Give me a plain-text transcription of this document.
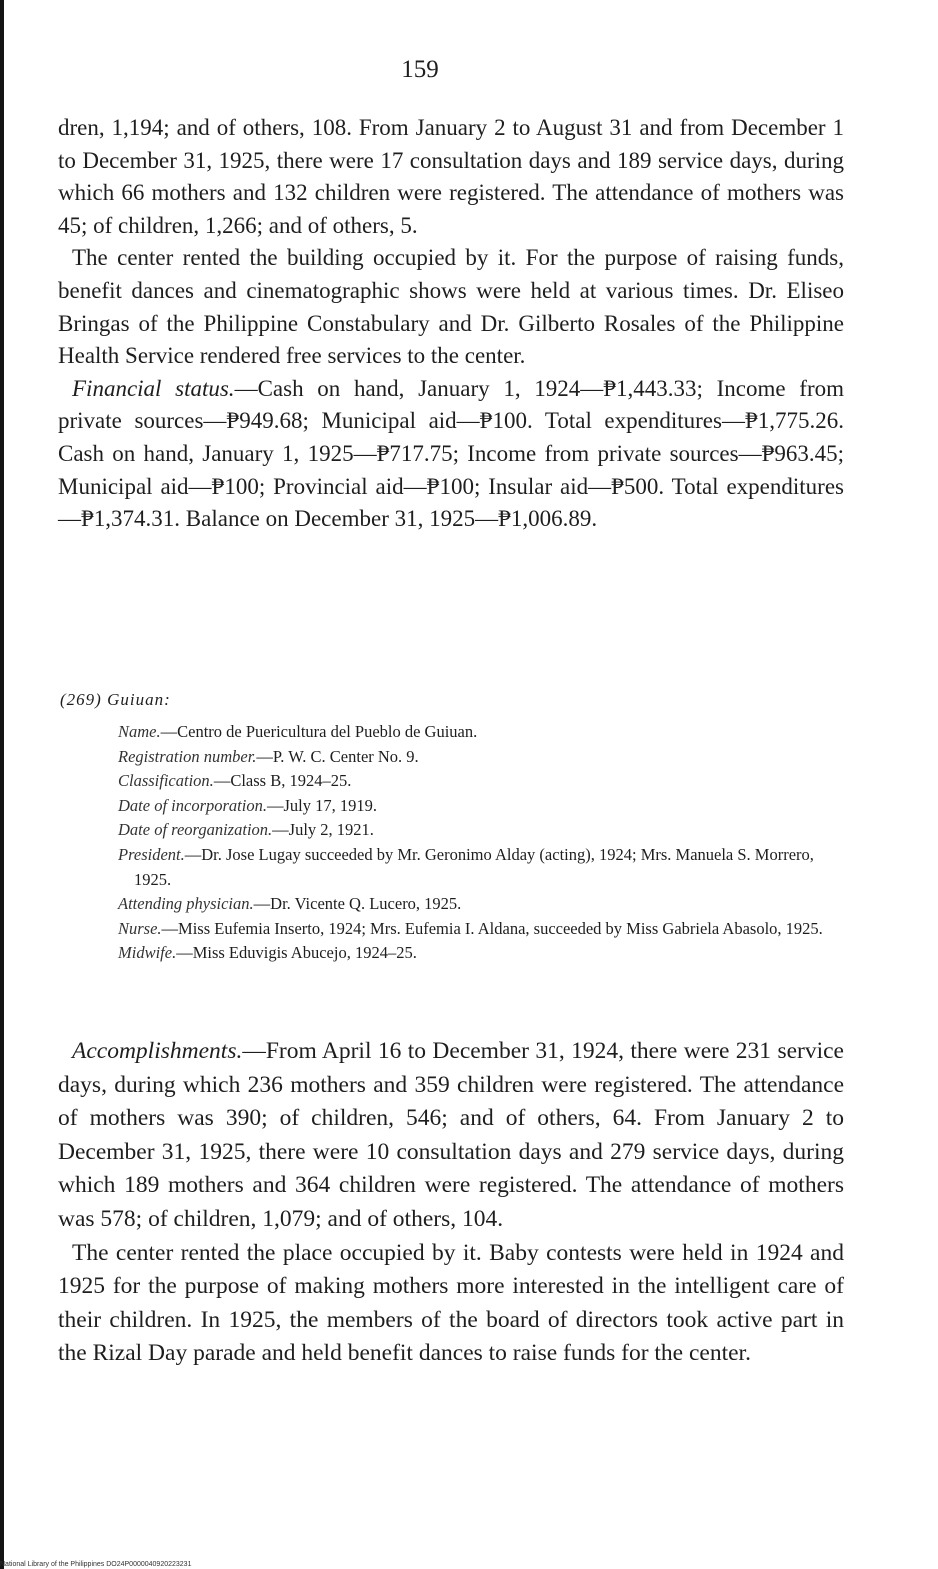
159

dren, 1,194; and of others, 108. From January 2 to August 31 and from December 1 to December 31, 1925, there were 17 consultation days and 189 service days, during which 66 mothers and 132 children were registered. The attendance of mothers was 45; of children, 1,266; and of others, 5.

The center rented the building occupied by it. For the purpose of raising funds, benefit dances and cinematographic shows were held at various times. Dr. Eliseo Bringas of the Philippine Constabulary and Dr. Gilberto Rosales of the Philippine Health Service rendered free services to the center.

Financial status.—Cash on hand, January 1, 1924—₱1,443.33; Income from private sources—₱949.68; Municipal aid—₱100. Total expenditures—₱1,775.26. Cash on hand, January 1, 1925—₱717.75; Income from private sources—₱963.45; Municipal aid—₱100; Provincial aid—₱100; Insular aid—₱500. Total expenditures—₱1,374.31. Balance on December 31, 1925—₱1,006.89.

(269) Guiuan:

Name.—Centro de Puericultura del Pueblo de Guiuan.

Registration number.—P. W. C. Center No. 9.

Classification.—Class B, 1924–25.

Date of incorporation.—July 17, 1919.

Date of reorganization.—July 2, 1921.

President.—Dr. Jose Lugay succeeded by Mr. Geronimo Alday (acting), 1924; Mrs. Manuela S. Morrero, 1925.

Attending physician.—Dr. Vicente Q. Lucero, 1925.

Nurse.—Miss Eufemia Inserto, 1924; Mrs. Eufemia I. Aldana, succeeded by Miss Gabriela Abasolo, 1925.

Midwife.—Miss Eduvigis Abucejo, 1924–25.

Accomplishments.—From April 16 to December 31, 1924, there were 231 service days, during which 236 mothers and 359 children were registered. The attendance of mothers was 390; of children, 546; and of others, 64. From January 2 to December 31, 1925, there were 10 consultation days and 279 service days, during which 189 mothers and 364 children were registered. The attendance of mothers was 578; of children, 1,079; and of others, 104.

The center rented the place occupied by it. Baby contests were held in 1924 and 1925 for the purpose of making mothers more interested in the intelligent care of their children. In 1925, the members of the board of directors took active part in the Rizal Day parade and held benefit dances to raise funds for the center.

National Library of the Philippines DO24P0000040920223231
